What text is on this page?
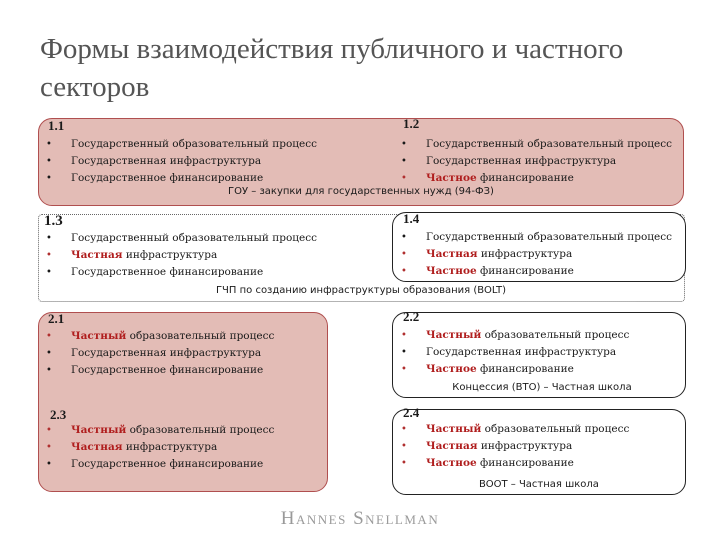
Формы взаимодействия публичного и частного секторов
1.1	1.2
1.3	1.4
2.1	2.2
2.3	2.4
• Государственный образовательный процесс
• Государственная инфраструктура
• Государственное финансирование
• Государственный образовательный процесс
• Государственная инфраструктура
• Частное финансирование
• Государственный образовательный процесс
• Частная инфраструктура
• Государственное финансирование
• Государственный образовательный процесс
• Частная инфраструктура
• Частное финансирование
• Частный образовательный процесс
• Государственная инфраструктура
• Государственное финансирование
• Частный образовательный процесс
• Государственная инфраструктура
• Частное финансирование
• Частный образовательный процесс
• Частная инфраструктура
• Государственное финансирование
• Частный образовательный процесс
• Частная инфраструктура
• Частное финансирование
ГОУ – закупки для государственных нужд (94-ФЗ)
ГЧП по созданию инфраструктуры образования (BOLT)
Концессия (BTO) – Частная школа
BOOT – Частная школа
Hannes Snellman
